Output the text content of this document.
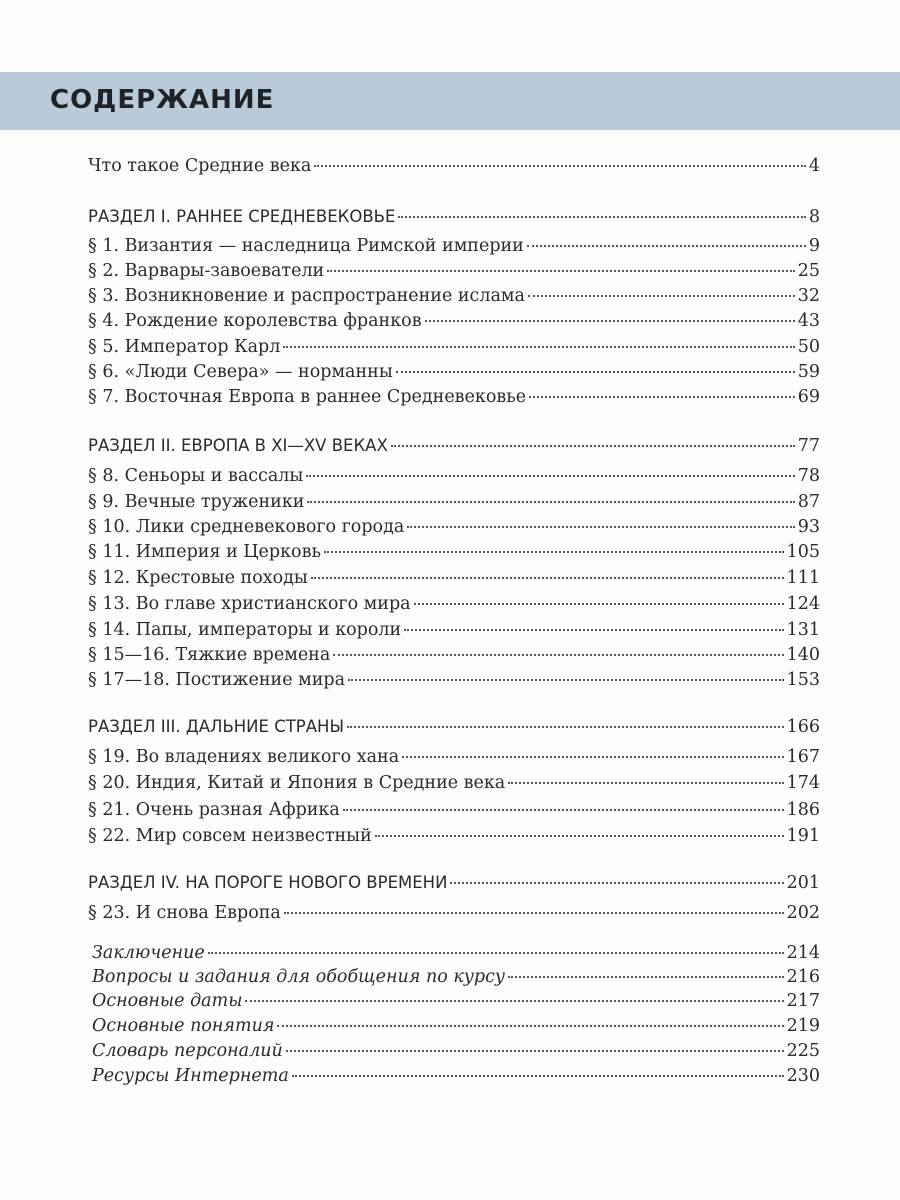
СОДЕРЖАНИЕ
Что такое Средние века	4
РАЗДЕЛ I. РАННЕЕ СРЕДНЕВЕКОВЬЕ	8
§ 1. Византия — наследница Римской империи	9
§ 2. Варвары-завоеватели	25
§ 3. Возникновение и распространение ислама	32
§ 4. Рождение королевства франков	43
§ 5. Император Карл	50
§ 6. «Люди Севера» — норманны	59
§ 7. Восточная Европа в раннее Средневековье	69
РАЗДЕЛ II. ЕВРОПА В XI—XV ВЕКАХ	77
§ 8. Сеньоры и вассалы	78
§ 9. Вечные труженики	87
§ 10. Лики средневекового города	93
§ 11. Империя и Церковь	105
§ 12. Крестовые походы	111
§ 13. Во главе христианского мира	124
§ 14. Папы, императоры и короли	131
§ 15—16. Тяжкие времена	140
§ 17—18. Постижение мира	153
РАЗДЕЛ III. ДАЛЬНИЕ СТРАНЫ	166
§ 19. Во владениях великого хана	167
§ 20. Индия, Китай и Япония в Средние века	174
§ 21. Очень разная Африка	186
§ 22. Мир совсем неизвестный	191
РАЗДЕЛ IV. НА ПОРОГЕ НОВОГО ВРЕМЕНИ	201
§ 23. И снова Европа	202
Заключение	214
Вопросы и задания для обобщения по курсу	216
Основные даты	217
Основные понятия	219
Словарь персоналий	225
Ресурсы Интернета	230
